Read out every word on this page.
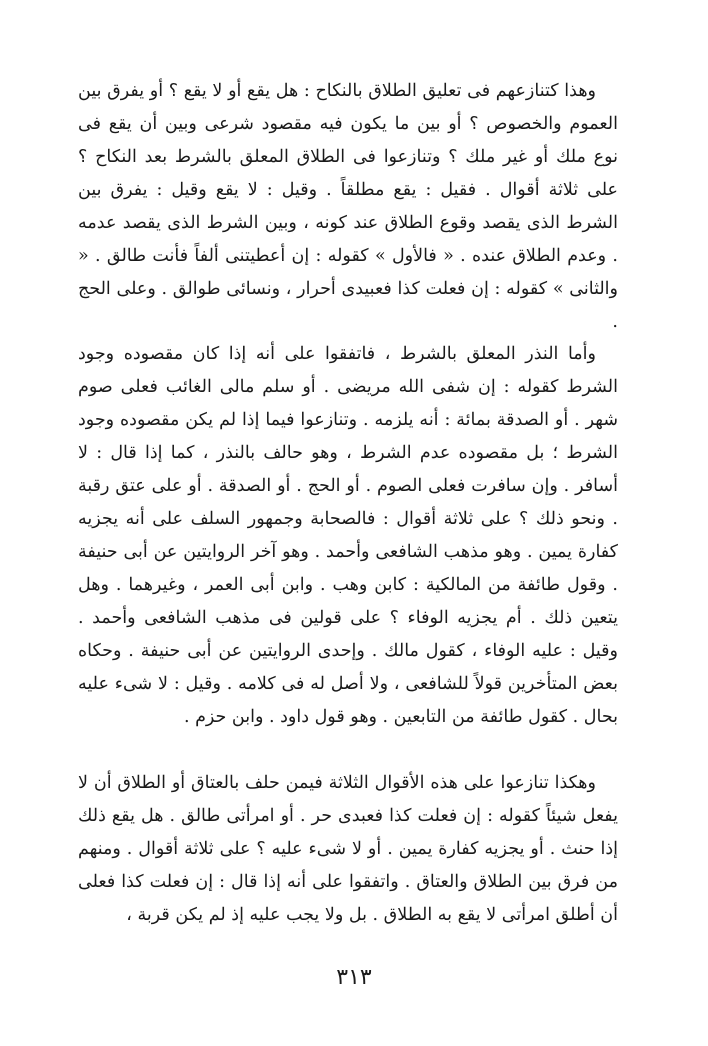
وهذا كتنازعهم فى تعليق الطلاق بالنكاح : هل يقع أو لا يقع ؟ أو يفرق بين العموم والخصوص ؟ أو بين ما يكون فيه مقصود شرعى وبين أن يقع فى نوع ملك أو غير ملك ؟ وتنازعوا فى الطلاق المعلق بالشرط بعد النكاح ؟ على ثلاثة أقوال . فقيل : يقع مطلقاً . وقيل : لا يقع وقيل : يفرق بين الشرط الذى يقصد وقوع الطلاق عند كونه ، وبين الشرط الذى يقصد عدمه . وعدم الطلاق عنده . « فالأول » كقوله : إن أعطيتنى ألفاً فأنت طالق . « والثانى » كقوله : إن فعلت كذا فعبيدى أحرار ، ونسائى طوالق . وعلى الحج .

وأما النذر المعلق بالشرط ، فاتفقوا على أنه إذا كان مقصوده وجود الشرط كقوله : إن شفى الله مريضى . أو سلم مالى الغائب فعلى صوم شهر . أو الصدقة بمائة : أنه يلزمه . وتنازعوا فيما إذا لم يكن مقصوده وجود الشرط ؛ بل مقصوده عدم الشرط ، وهو حالف بالنذر ، كما إذا قال : لا أسافر . وإن سافرت فعلى الصوم . أو الحج . أو الصدقة . أو على عتق رقبة . ونحو ذلك ؟ على ثلاثة أقوال : فالصحابة وجمهور السلف على أنه يجزيه كفارة يمين . وهو مذهب الشافعى وأحمد . وهو آخر الروايتين عن أبى حنيفة . وقول طائفة من المالكية : كابن وهب . وابن أبى العمر ، وغيرهما . وهل يتعين ذلك . أم يجزيه الوفاء ؟ على قولين فى مذهب الشافعى وأحمد . وقيل : عليه الوفاء ، كقول مالك . وإحدى الروايتين عن أبى حنيفة . وحكاه بعض المتأخرين قولاً للشافعى ، ولا أصل له فى كلامه . وقيل : لا شىء عليه بحال . كقول طائفة من التابعين . وهو قول داود . وابن حزم .

وهكذا تنازعوا على هذه الأقوال الثلاثة فيمن حلف بالعتاق أو الطلاق أن لا يفعل شيئاً كقوله : إن فعلت كذا فعبدى حر . أو امرأتى طالق . هل يقع ذلك إذا حنث . أو يجزيه كفارة يمين . أو لا شىء عليه ؟ على ثلاثة أقوال . ومنهم من فرق بين الطلاق والعتاق . واتفقوا على أنه إذا قال : إن فعلت كذا فعلى أن أطلق امرأتى لا يقع به الطلاق . بل ولا يجب عليه إذ لم يكن قربة ،

٣١٣
